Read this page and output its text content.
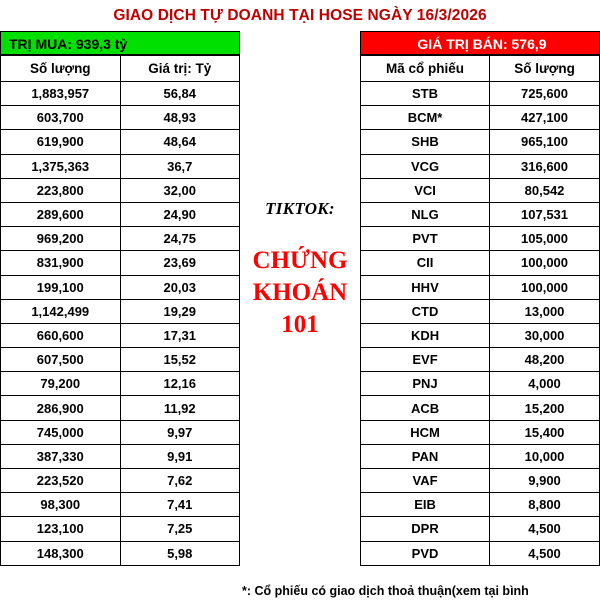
GIAO DỊCH TỰ DOANH TẠI HOSE NGÀY 16/3/2026
TRỊ MUA: 939,3 tỷ
Số lượng	Giá trị: Tỷ
1,883,957	56,84
603,700	48,93
619,900	48,64
1,375,363	36,7
223,800	32,00
289,600	24,90
969,200	24,75
831,900	23,69
199,100	20,03
1,142,499	19,29
660,600	17,31
607,500	15,52
79,200	12,16
286,900	11,92
745,000	9,97
387,330	9,91
223,520	7,62
98,300	7,41
123,100	7,25
148,300	5,98
TIKTOK:
CHỨNG
KHOÁN
101
GIÁ TRỊ BÁN: 576,9
Mã cổ phiếu	Số lượng
STB	725,600
BCM*	427,100
SHB	965,100
VCG	316,600
VCI	80,542
NLG	107,531
PVT	105,000
CII	100,000
HHV	100,000
CTD	13,000
KDH	30,000
EVF	48,200
PNJ	4,000
ACB	15,200
HCM	15,400
PAN	10,000
VAF	9,900
EIB	8,800
DPR	4,500
PVD	4,500
*: Cổ phiếu có giao dịch thoả thuận(xem tại bình
